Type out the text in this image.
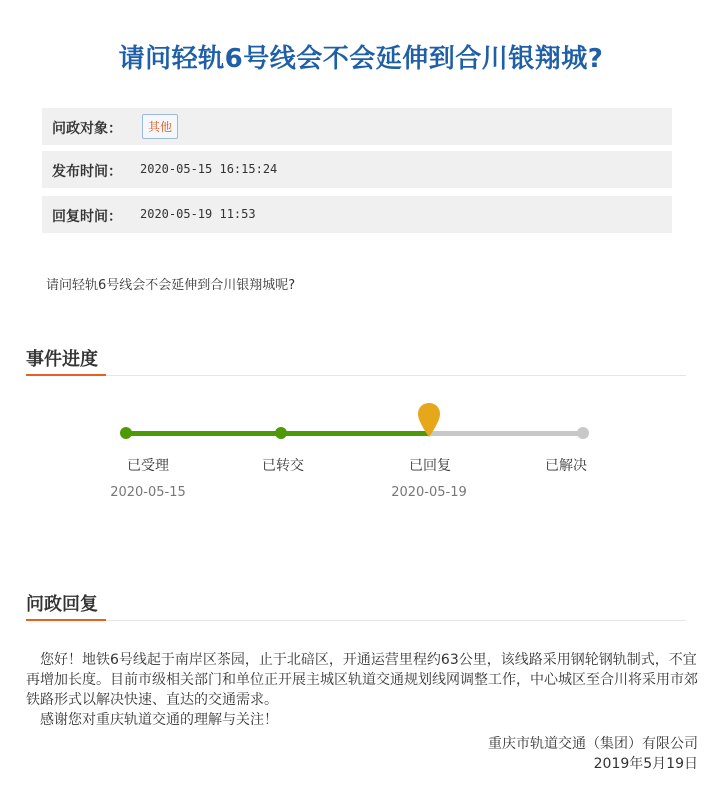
请问轻轨6号线会不会延伸到合川银翔城?
问政对象：	其他
发布时间： 2020-05-15 16:15:24
回复时间： 2020-05-19 11:53
请问轻轨6号线会不会延伸到合川银翔城呢?
事件进度
已受理	已转交	已回复	已解决
2020-05-15	2020-05-19
问政回复

您好！地铁6号线起于南岸区茶园，止于北碚区，开通运营里程约63公里，该线路采用钢轮钢轨制式，不宜再增加长度。目前市级相关部门和单位正开展主城区轨道交通规划线网调整工作，中心城区至合川将采用市郊铁路形式以解决快速、直达的交通需求。

感谢您对重庆轨道交通的理解与关注！

重庆市轨道交通（集团）有限公司
2019年5月19日
